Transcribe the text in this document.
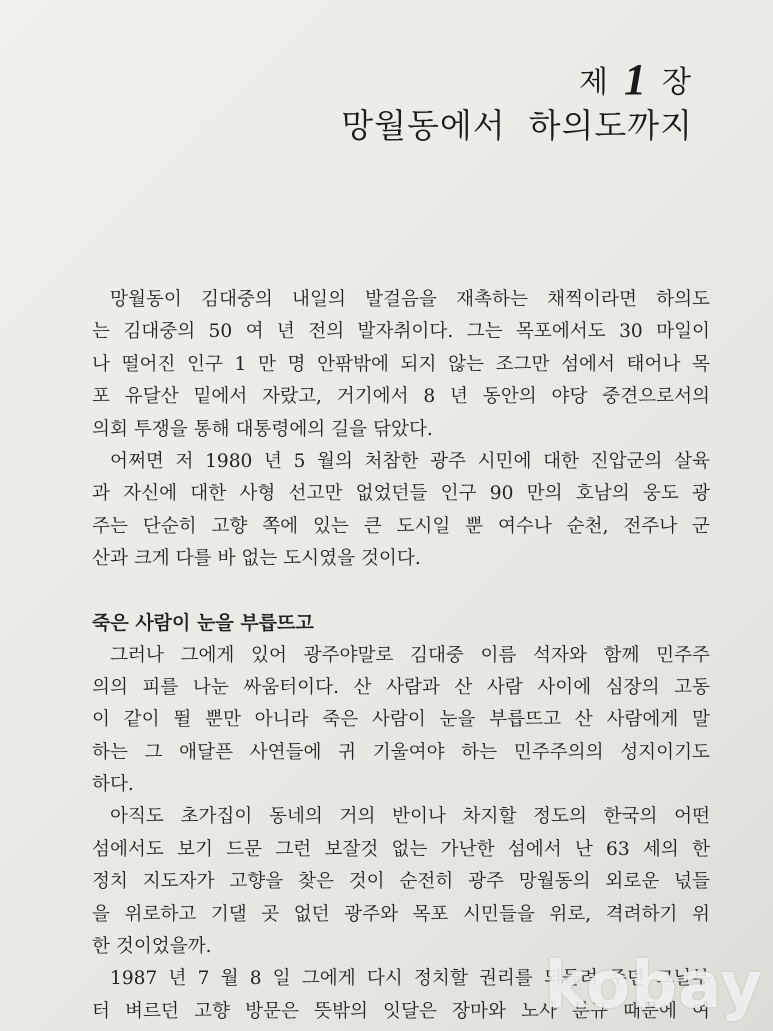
제 1 장
망월동에서  하의도까지
망월동이 김대중의 내일의 발걸음을 재촉하는 채찍이라면 하의도
는 김대중의 50 여 년 전의 발자취이다. 그는 목포에서도 30 마일이
나 떨어진 인구 1 만 명 안팎밖에 되지 않는 조그만 섬에서 태어나 목
포 유달산 밑에서 자랐고, 거기에서 8 년 동안의 야당 중견으로서의
의회 투쟁을 통해 대통령에의 길을 닦았다.
어쩌면 저 1980 년 5 월의 처참한 광주 시민에 대한 진압군의 살육
과 자신에 대한 사형 선고만 없었던들 인구 90 만의 호남의 웅도 광
주는 단순히 고향 쪽에 있는 큰 도시일 뿐 여수나 순천, 전주나 군
산과 크게 다를 바 없는 도시였을 것이다.
죽은 사람이 눈을 부릅뜨고
그러나 그에게 있어 광주야말로 김대중 이름 석자와 함께 민주주
의의 피를 나눈 싸움터이다. 산 사람과 산 사람 사이에 심장의 고동
이 같이 뛸 뿐만 아니라 죽은 사람이 눈을 부릅뜨고 산 사람에게 말
하는 그 애달픈 사연들에 귀 기울여야 하는 민주주의의 성지이기도
하다.
아직도 초가집이 동네의 거의 반이나 차지할 정도의 한국의 어떤
섬에서도 보기 드문 그런 보잘것 없는 가난한 섬에서 난 63 세의 한
정치 지도자가 고향을 찾은 것이 순전히 광주 망월동의 외로운 넋들
을 위로하고 기댈 곳 없던 광주와 목포 시민들을 위로, 격려하기 위
한 것이었을까.
1987 년 7 월 8 일 그에게 다시 정치할 권리를 되돌려 주던 그날부
터 벼르던 고향 방문은 뜻밖의 잇달은 장마와 노사 분규 때문에 여
kobay
